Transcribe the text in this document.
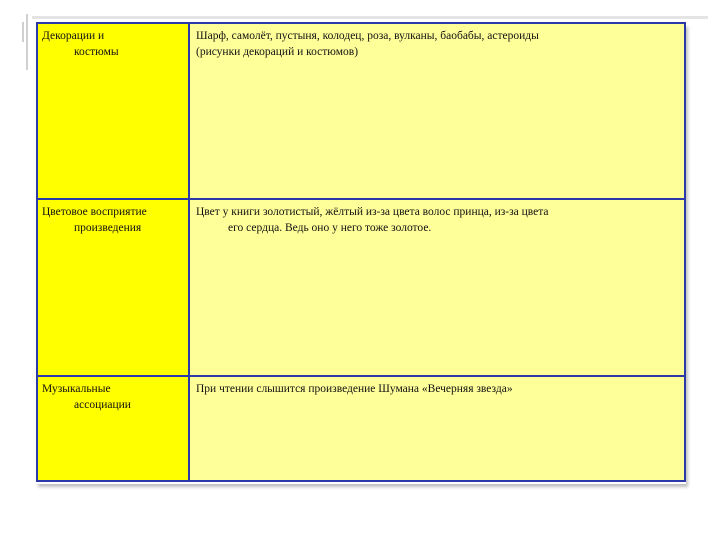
Декорации и
костюмы
Шарф, самолёт, пустыня, колодец, роза, вулканы, баобабы, астероиды
(рисунки декораций и костюмов)
Цветовое восприятие
произведения
Цвет у книги золотистый, жёлтый из-за цвета волос принца, из-за цвета
его сердца. Ведь оно у него тоже золотое.
Музыкальные
ассоциации
При чтении слышится произведение Шумана «Вечерняя звезда»
